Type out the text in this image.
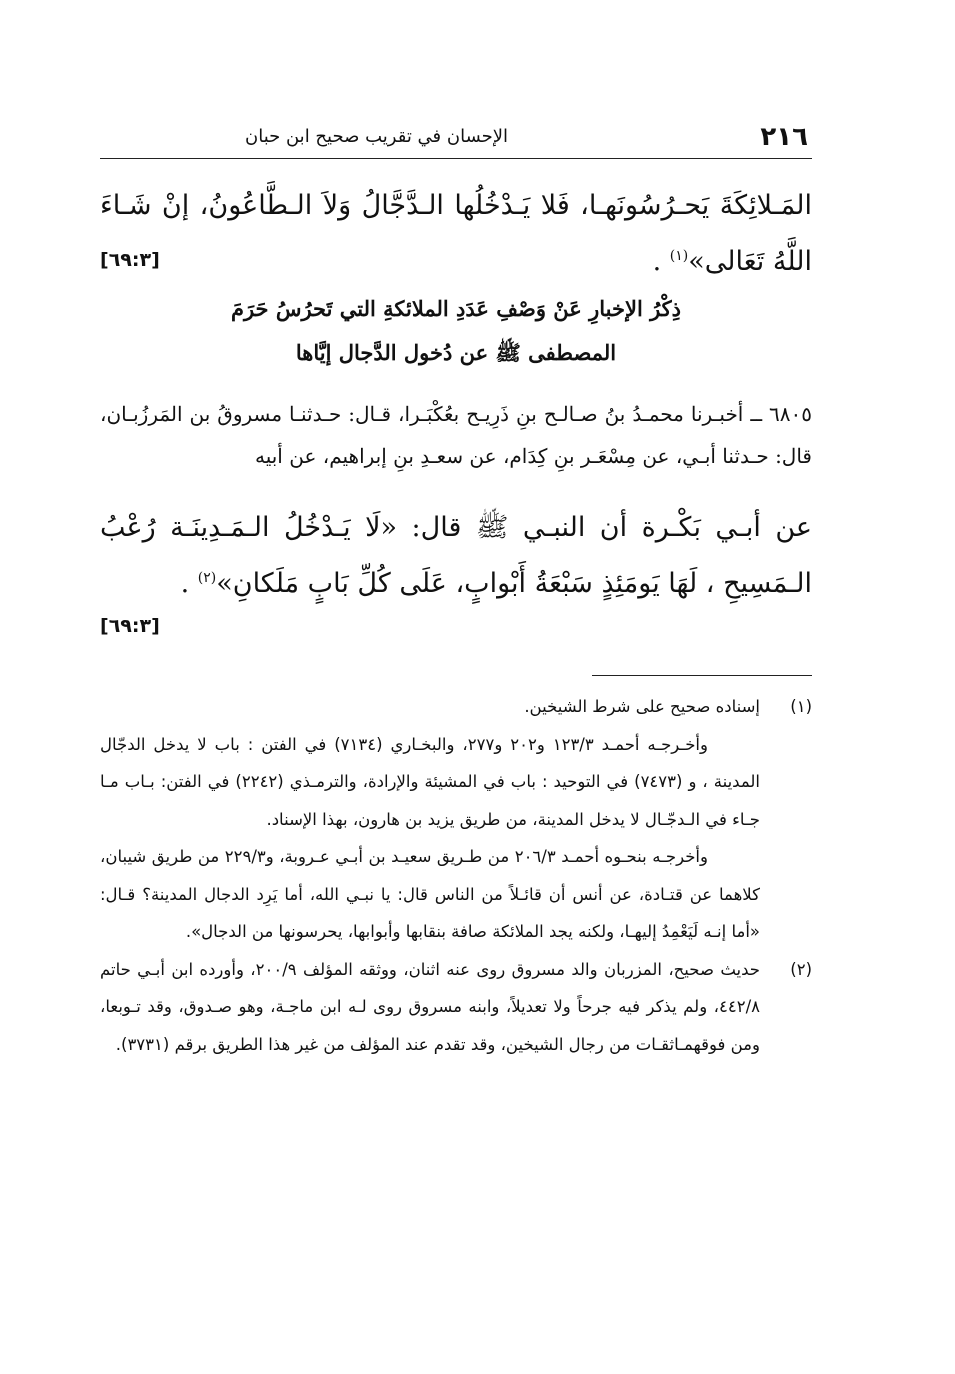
٢١٦
الإحسان في تقريب صحيح ابن حبان

المَـلائِكَةَ يَحـرُسُونَهـا، فَلا يَـدْخُلُها الـدَّجَّالُ وَلاَ الـطَّاعُونُ، إنْ شَـاءَ اللَّهُ تَعَالى»$^{(١)}$ .

[٦٩:٣]
ذِكْرُ الإخبارِ عَنْ وَصْفِ عَدَدِ الملائكةِ التي تَحرُسُ حَرَمَ
المصطفى ﷺ عن دُخول الدَّجال إيَّاها

٦٨٠٥ ــ أخبـرنا محمـدُ بنُ صـالـح بنِ ذَرِيـح بعُكْبَـرا، قـال: حـدثنـا مسروقُ بن المَرزُبـان، قال: حـدثنا أبـي، عن مِسْعَـر بنِ كِدَام، عن سعـدِ بنِ إبراهيم، عن أبيه

عن أبـي بَكْـرة أن النبـي ﷺ قال: «لَا يَـدْخُلُ الـمَـدِينَـة رُعْبُ الـمَسِيحِ ، لَهَا يَومَئِذٍ سَبْعَةُ أَبْوابٍ، عَلَى كُلِّ بَابٍ مَلَكانِ»$^{(٢)}$ .

[٦٩:٣]
(١)

إسناده صحيح على شرط الشيخين.

وأخـرجـه أحمـد ١٢٣/٣ و٢٠٢ و٢٧٧، والبخـاري (٧١٣٤) في الفتن : باب لا يدخل الدجّال المدينة ، و (٧٤٧٣) في التوحيد : باب في المشيئة والإرادة، والترمـذي (٢٢٤٢) في الفتن: بـاب مـا جـاء في الـدجّـال لا يدخل المدينة، من طريق يزيد بن هارون، بهذا الإسناد.

وأخرجـه بنحـوه أحمـد ٢٠٦/٣ من طـريق سعيـد بن أبـي عـروبة، و٢٢٩/٣ من طريق شيبان، كلاهما عن قتـادة، عن أنس أن قائـلاً من الناس قال: يا نبـي الله، أما يَرِد الدجال المدينة؟ قـال: «أما إنـه لَيَعْمِدُ إليهـا، ولكنه يجد الملائكة صافة بنقابها وأبوابها، يحرسونها من الدجال».

(٢)

حديث صحيح، المزربان والد مسروق روى عنه اثنان، ووثقه المؤلف ٢٠٠/٩، وأورده ابن أبـي حاتم ٤٤٢/٨، ولم يذكر فيه جرحاً ولا تعديلاً، وابنه مسروق روى لـه ابن ماجـة، وهو صـدوق، وقد تـوبعا، ومن فوقهمـاثقـات من رجال الشيخين، وقد تقدم عند المؤلف من غير هذا الطريق برقم (٣٧٣١).
